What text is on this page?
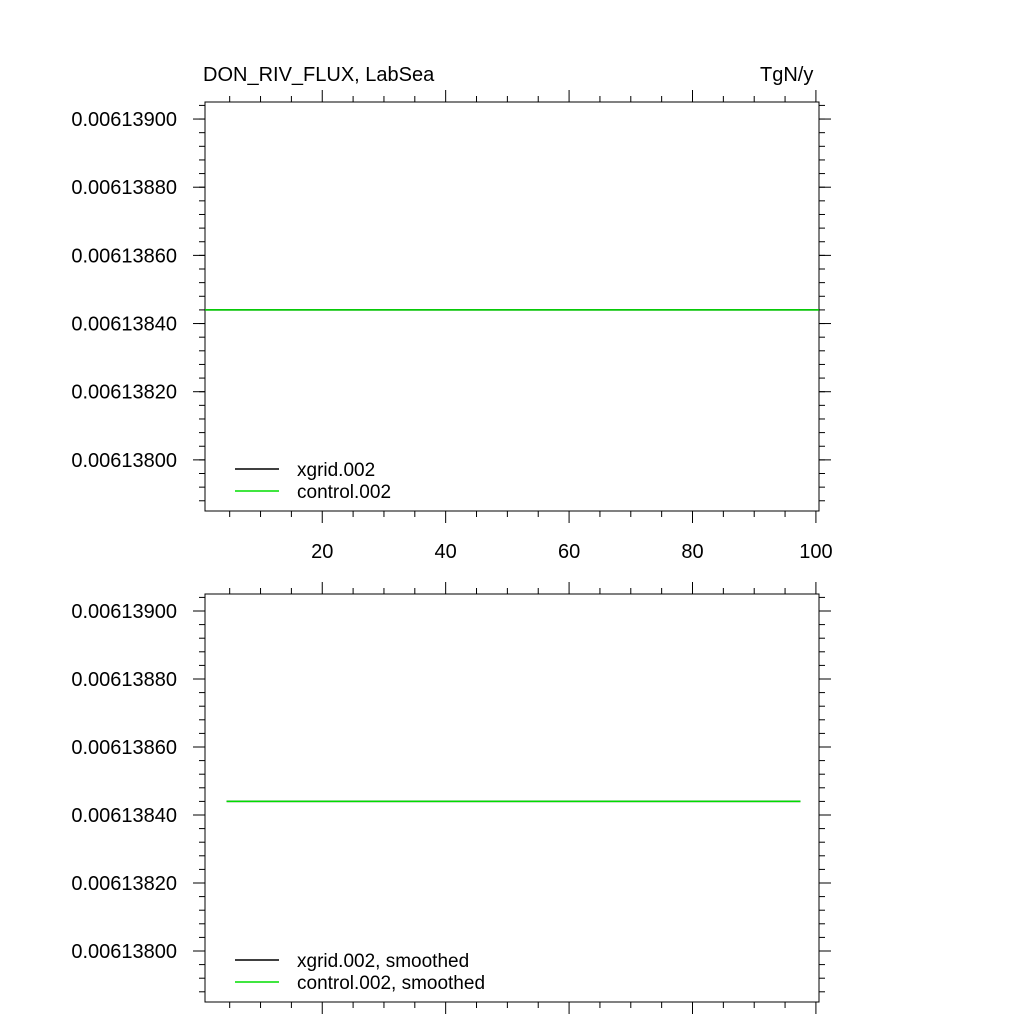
DON_RIV_FLUX, LabSea	TgN/y
0.00613800
0.00613820
0.00613840
0.00613860
0.00613880
0.00613900
20	40	60	80	100
xgrid.002
control.002
0.00613800
0.00613820
0.00613840
0.00613860
0.00613880
0.00613900
xgrid.002, smoothed
control.002, smoothed
